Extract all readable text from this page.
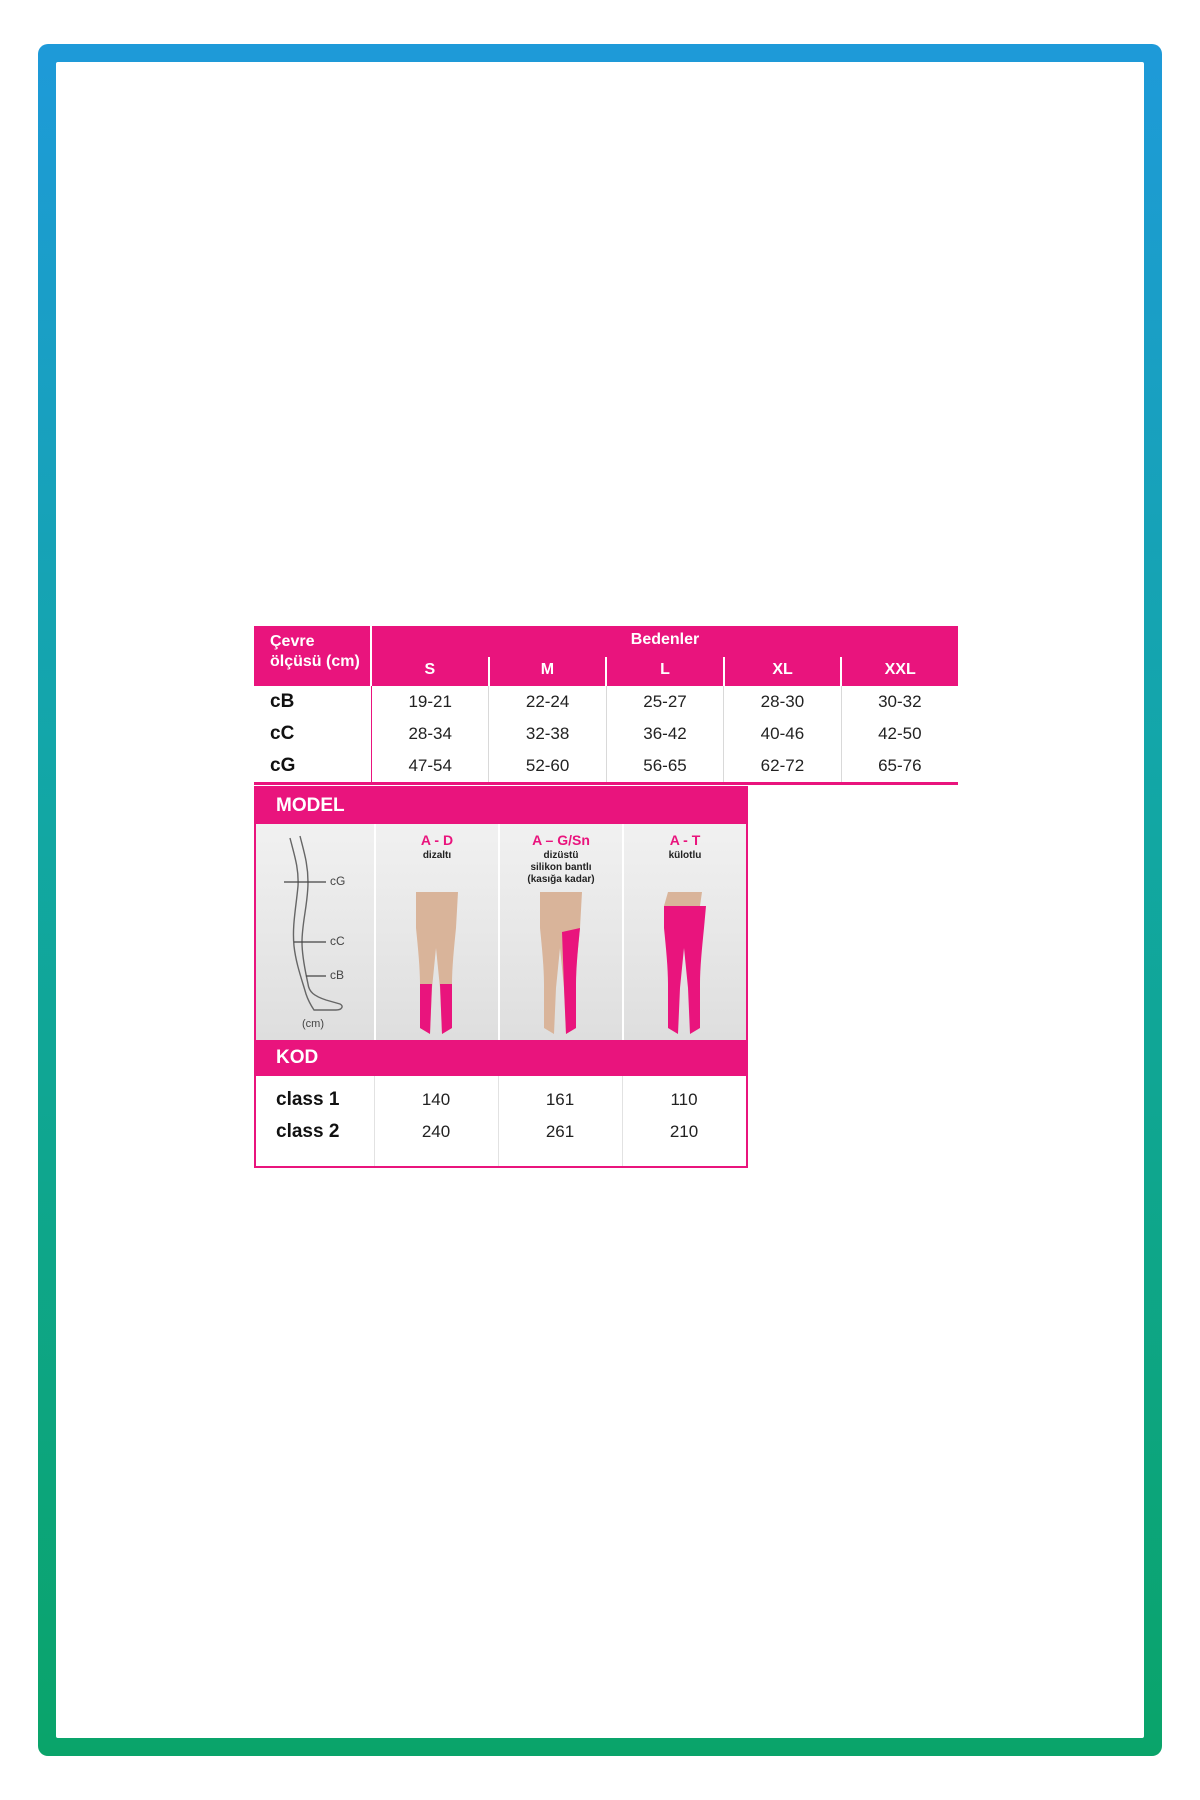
Çevre
ölçüsü (cm)
Bedenler
S	M	L	XL	XXL
cB	19-21	22-24	25-27	28-30	30-32
cC	28-34	32-38	36-42	40-46	42-50
cG	47-54	52-60	56-65	62-72	65-76
MODEL
cG
cC
cB
(cm)
A - D
dizaltı
A – G/Sn
dizüstü
silikon bantlı
(kasığa kadar)
A - T
külotlu
KOD
class 1	140	161	110
class 2	240	261	210
